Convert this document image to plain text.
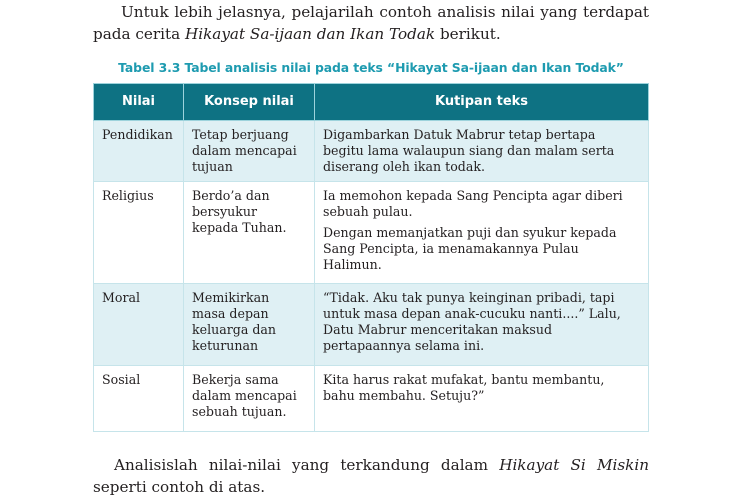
Untuk lebih jelasnya, pelajarilah contoh analisis nilai yang terdapat pada cerita Hikayat Sa-ijaan dan Ikan Todak berikut.

Tabel 3.3 Tabel analisis nilai pada teks “Hikayat Sa-ijaan dan Ikan Todak”
Nilai	Konsep nilai	Kutipan teks
Pendidikan	Tetap berjuang dalam mencapai tujuan	Digambarkan Datuk Mabrur tetap bertapa begitu lama walaupun siang dan malam serta diserang oleh ikan todak.

Religius	Berdo’a dan bersyukur kepada Tuhan.	Ia memohon kepada Sang Pencipta agar diberi sebuah pulau.
Dengan memanjatkan puji dan syukur kepada Sang Pencipta, ia menamakannya Pulau Halimun.

Moral	Memikirkan masa depan keluarga dan keturunan	“Tidak. Aku tak punya keinginan pribadi, tapi untuk masa depan anak-cucuku nanti....” Lalu, Datu Mabrur menceritakan maksud pertapaannya selama ini.

Sosial	Bekerja sama dalam mencapai sebuah tujuan.	Kita harus rakat mufakat, bantu membantu, bahu membahu. Setuju?”

Analisislah nilai-nilai yang terkandung dalam Hikayat Si Miskin seperti contoh di atas.
